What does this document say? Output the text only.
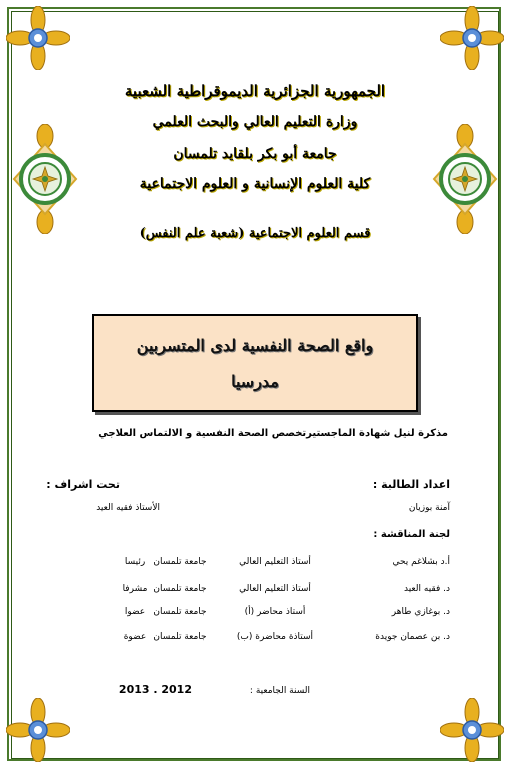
الجمهورية الجزائرية الديموقراطية الشعبية
وزارة التعليم العالي والبحث العلمي
جامعة أبو بكر بلقايد تلمسان
كلية العلوم الإنسانية و العلوم الاجتماعية
قسم العلوم الاجتماعية (شعبة علم النفس)
واقع الصحة النفسية لدى المتسربين
مدرسيا
مذكرة لنيل شهادة الماجستيرتخصص الصحة النفسية و الالتماس العلاجي
اعداد الطالبة :
آمنة بوزيان
تحت اشراف :
الأستاذ فقيه العيد
لجنة المناقشة :
أ.د بشلاغم يحي
أستاذ التعليم العالي
جامعة تلمسان
رئيسا
د. فقيه العيد
أستاذ التعليم العالي
جامعة تلمسان
مشرفا
د. بوغازي طاهر
أستاذ محاضر (أ)
جامعة تلمسان
عضوا
د. بن عصمان جويدة
أستاذة محاضرة (ب)
جامعة تلمسان
عضوة
السنة الجامعية :
2013 . 2012
